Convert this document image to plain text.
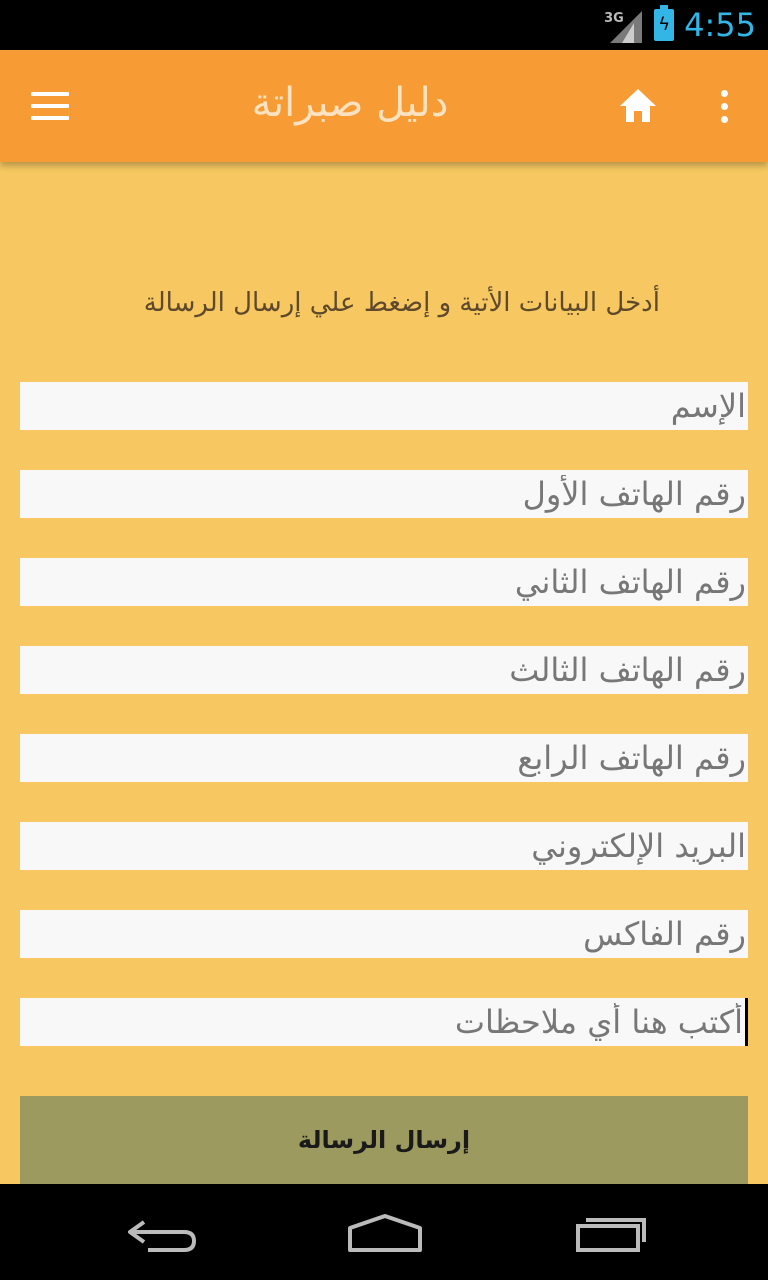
3G ϟ 4:55
دليل صبراتة
أدخل البيانات الأتية و إضغط علي إرسال الرسالة
الإسم
رقم الهاتف الأول
رقم الهاتف الثاني
رقم الهاتف الثالث
رقم الهاتف الرابع
البريد الإلكتروني
رقم الفاكس
أكتب هنا أي ملاحظات
إرسال الرسالة
